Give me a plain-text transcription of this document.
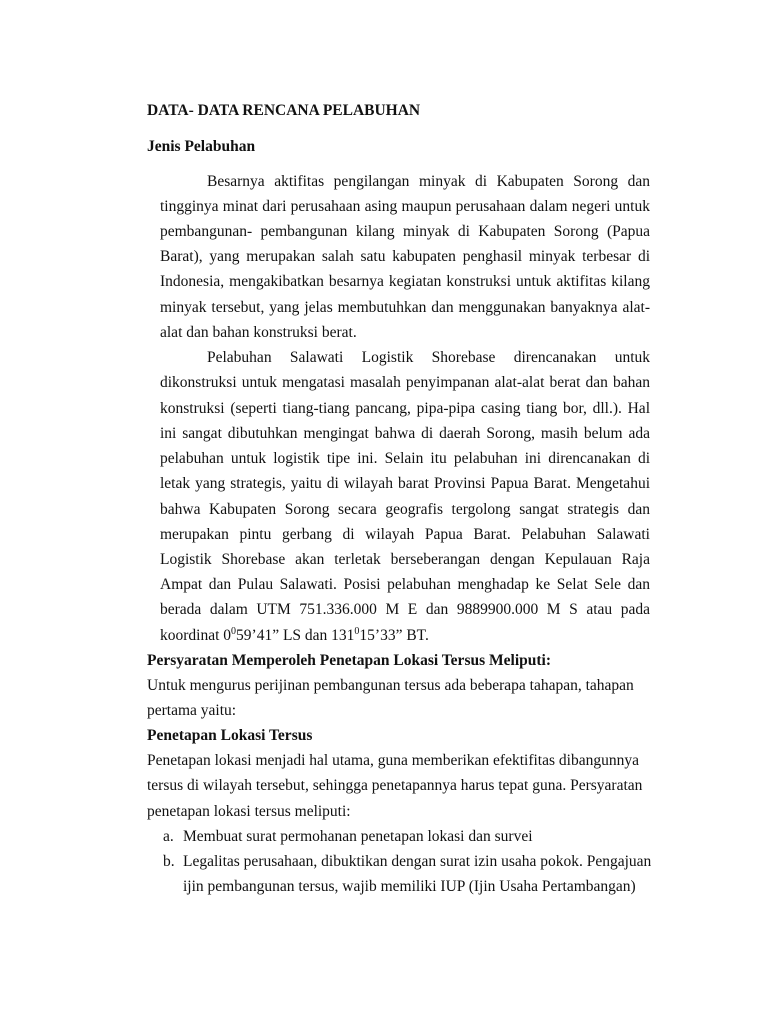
DATA- DATA RENCANA PELABUHAN

Jenis Pelabuhan

Besarnya aktifitas pengilangan minyak di Kabupaten Sorong dan

tingginya minat dari perusahaan asing maupun perusahaan dalam negeri untuk

pembangunan- pembangunan kilang minyak di Kabupaten Sorong (Papua

Barat), yang merupakan salah satu kabupaten penghasil minyak terbesar di

Indonesia, mengakibatkan besarnya kegiatan konstruksi untuk aktifitas kilang

minyak tersebut, yang jelas membutuhkan dan menggunakan banyaknya alat-

alat dan bahan konstruksi berat.

Pelabuhan Salawati Logistik Shorebase direncanakan untuk

dikonstruksi untuk mengatasi masalah penyimpanan alat-alat berat dan bahan

konstruksi (seperti tiang-tiang pancang, pipa-pipa casing tiang bor, dll.). Hal

ini sangat dibutuhkan mengingat bahwa di daerah Sorong, masih belum ada

pelabuhan untuk logistik tipe ini. Selain itu pelabuhan ini direncanakan di

letak yang strategis, yaitu di wilayah barat Provinsi Papua Barat. Mengetahui

bahwa Kabupaten Sorong secara geografis tergolong sangat strategis dan

merupakan pintu gerbang di wilayah Papua Barat. Pelabuhan Salawati

Logistik Shorebase akan terletak berseberangan dengan Kepulauan Raja

Ampat dan Pulau Salawati. Posisi pelabuhan menghadap ke Selat Sele dan

berada dalam UTM 751.336.000 M E dan 9889900.000 M S atau pada

koordinat $0^059’41$” LS dan $131^015’33$” BT.

Persyaratan Memperoleh Penetapan Lokasi Tersus Meliputi:

Untuk mengurus perijinan pembangunan tersus ada beberapa tahapan, tahapan

pertama yaitu:

Penetapan Lokasi Tersus

Penetapan lokasi menjadi hal utama, guna memberikan efektifitas dibangunnya

tersus di wilayah tersebut, sehingga penetapannya harus tepat guna. Persyaratan

penetapan lokasi tersus meliputi:

a. Membuat surat permohanan penetapan lokasi dan survei

b. Legalitas perusahaan, dibuktikan dengan surat izin usaha pokok. Pengajuan

ijin pembangunan tersus, wajib memiliki IUP (Ijin Usaha Pertambangan)
